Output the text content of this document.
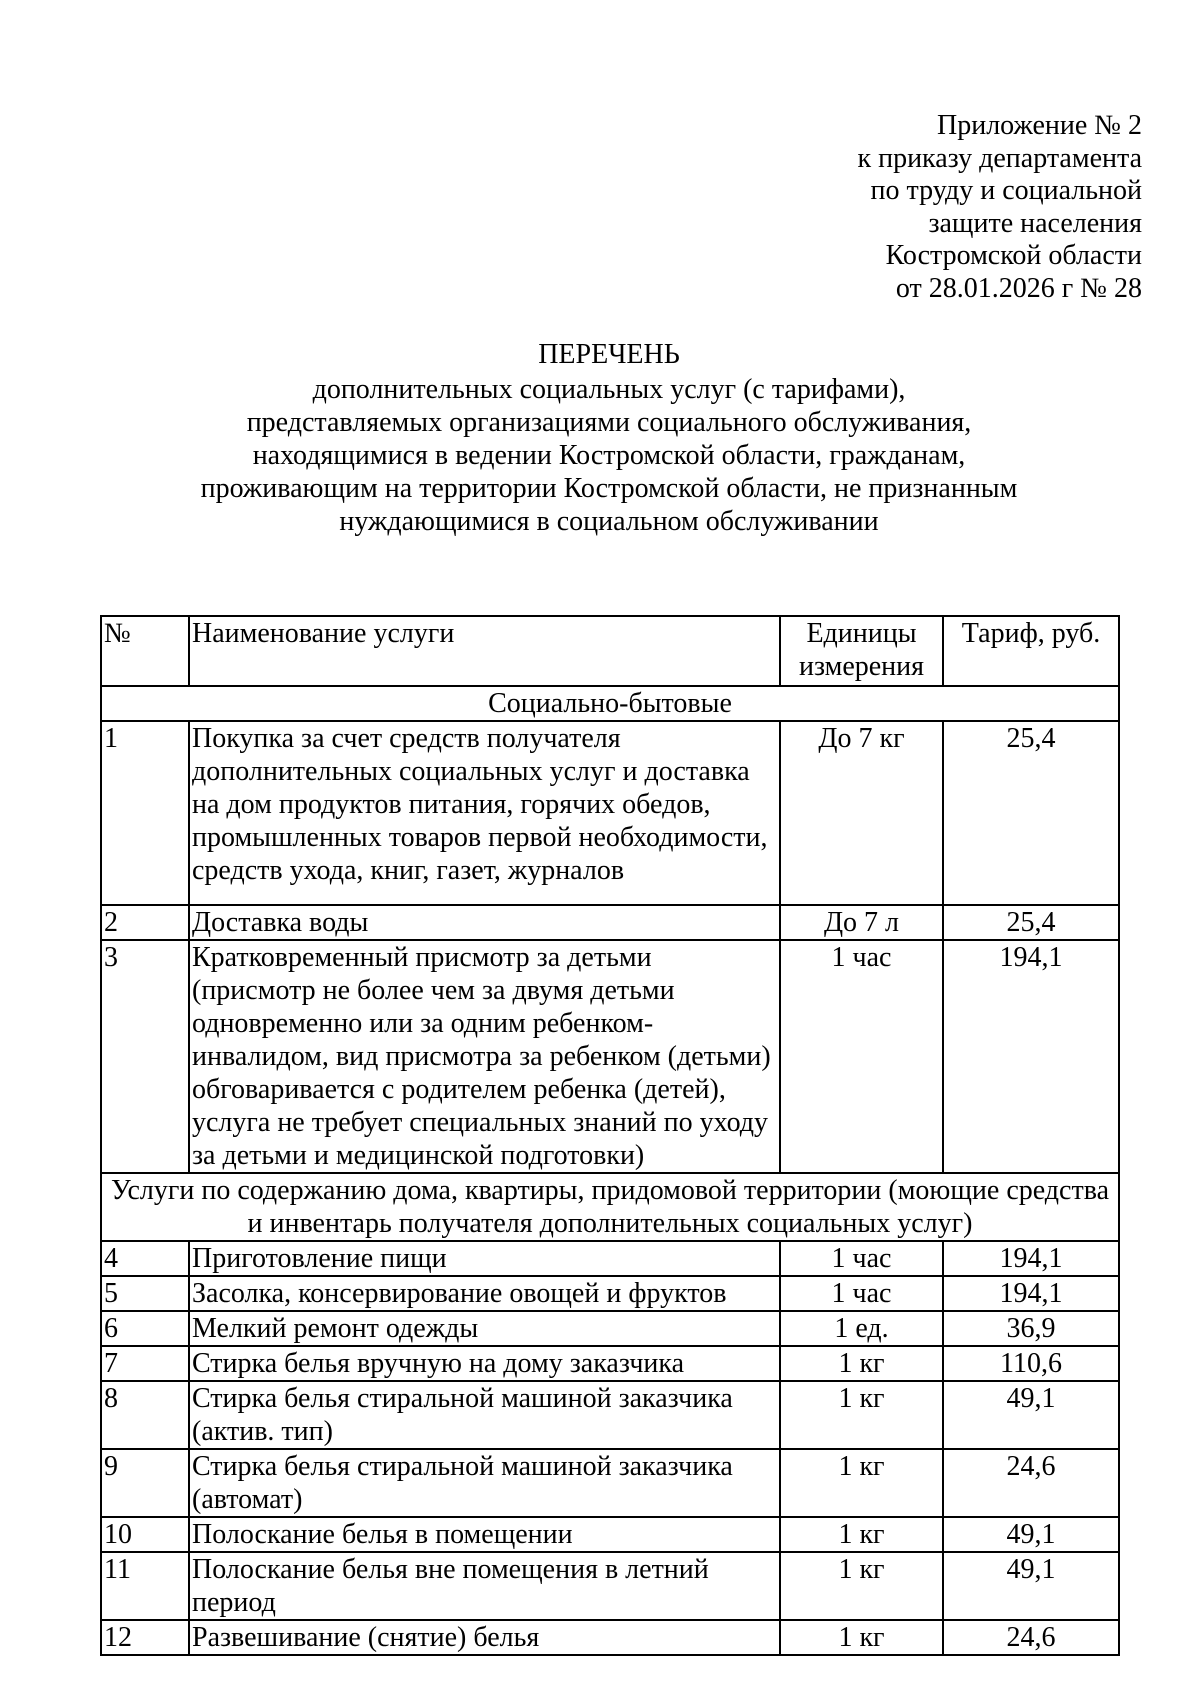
Приложение № 2
к приказу департамента
по труду и социальной
защите населения
Костромской области
от 28.01.2026 г № 28
ПЕРЕЧЕНЬ
дополнительных социальных услуг (с тарифами),
представляемых организациями социального обслуживания,
находящимися в ведении Костромской области, гражданам,
проживающим на территории Костромской области, не признанным
нуждающимися в социальном обслуживании
№	Наименование услуги	Единицы измерения	Тариф, руб.
Социально-бытовые			
1	Покупка за счет средств получателя дополнительных социальных услуг и доставка на дом продуктов питания, горячих обедов, промышленных товаров первой необходимости, средств ухода, книг, газет, журналов	До 7 кг	25,4
2	Доставка воды	До 7 л	25,4
3	Кратковременный присмотр за детьми (присмотр не более чем за двумя детьми одновременно или за одним ребенком-инвалидом, вид присмотра за ребенком (детьми) обговаривается с родителем ребенка (детей), услуга не требует специальных знаний по уходу за детьми и медицинской подготовки)	1 час	194,1
Услуги по содержанию дома, квартиры, придомовой территории (моющие средства и инвентарь получателя дополнительных социальных услуг)			
4	Приготовление пищи	1 час	194,1
5	Засолка, консервирование овощей и фруктов	1 час	194,1
6	Мелкий ремонт одежды	1 ед.	36,9
7	Стирка белья вручную на дому заказчика	1 кг	110,6
8	Стирка белья стиральной машиной заказчика (актив. тип)	1 кг	49,1
9	Стирка белья стиральной машиной заказчика (автомат)	1 кг	24,6
10	Полоскание белья в помещении	1 кг	49,1
11	Полоскание белья вне помещения в летний период	1 кг	49,1
12	Развешивание (снятие) белья	1 кг	24,6
